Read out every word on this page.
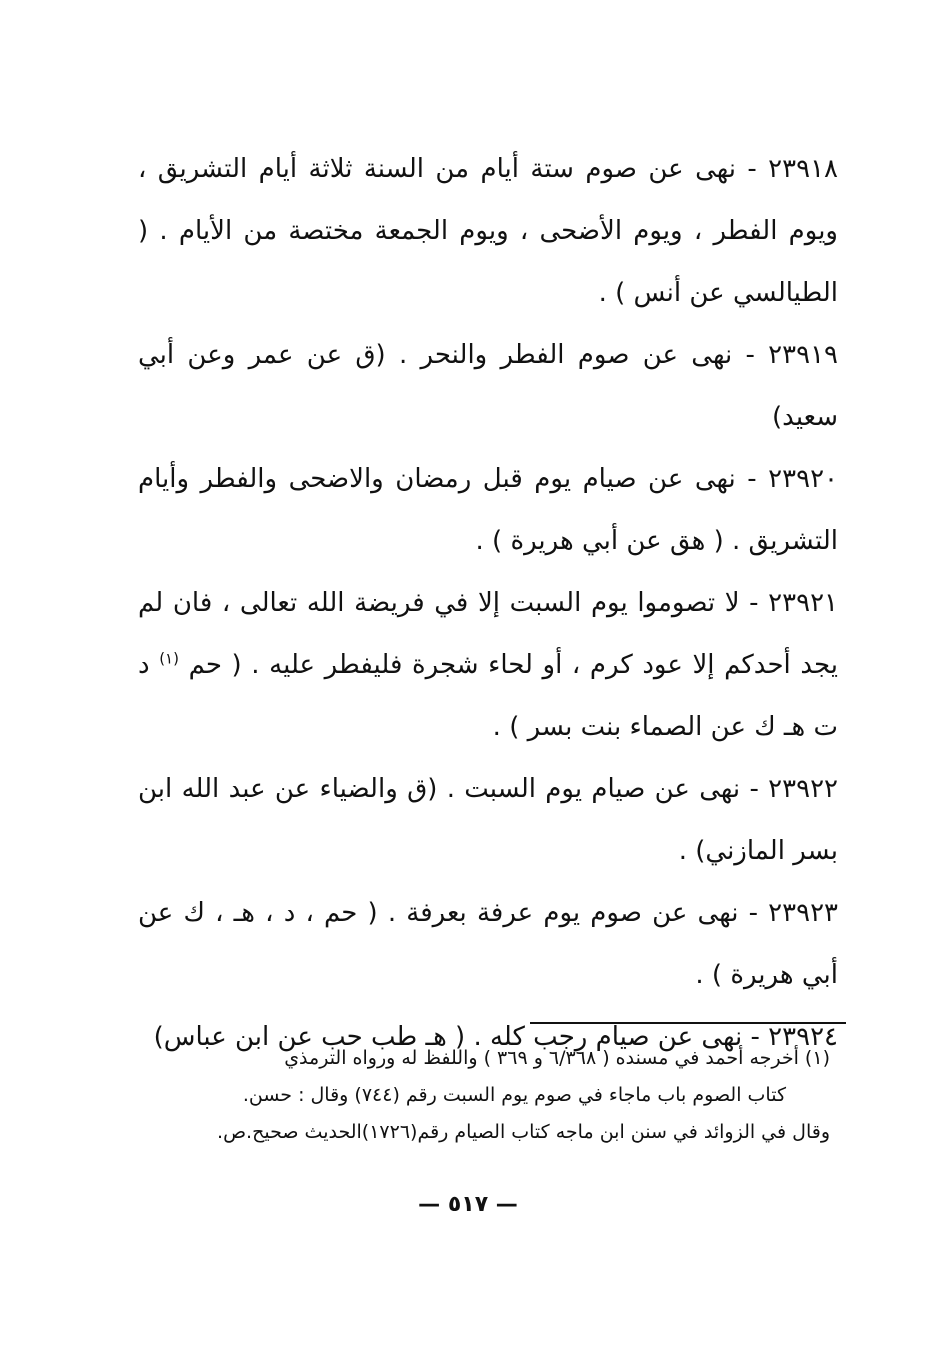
٢٣٩١٨ - نهى عن صوم ستة أيام من السنة ثلاثة أيام التشريق ، ويوم الفطر ، ويوم الأضحى ، ويوم الجمعة مختصة من الأيام . ( الطيالسي عن أنس ) .
٢٣٩١٩ - نهى عن صوم الفطر والنحر . (ق عن عمر وعن أبي سعيد)
٢٣٩٢٠ - نهى عن صيام يوم قبل رمضان والاضحى والفطر وأيام التشريق . ( هق عن أبي هريرة ) .
٢٣٩٢١ - لا تصوموا يوم السبت إلا في فريضة الله تعالى ، فان لم يجد أحدكم إلا عود كرم ، أو لحاء شجرة فليفطر عليه . ( حم $^{(١)}$ د ت هـ ك عن الصماء بنت بسر ) .
٢٣٩٢٢ - نهى عن صيام يوم السبت . (ق والضياء عن عبد الله ابن بسر المازني) .
٢٣٩٢٣ - نهى عن صوم يوم عرفة بعرفة . ( حم ، د ، هـ ، ك عن أبي هريرة ) .
٢٣٩٢٤ - نهى عن صيام رجب كله . ( هـ طب حب عن ابن عباس)
(١) أخرجه أحمد في مسنده ( ٦/٣٦٨ و ٣٦٩ ) واللفظ له ورواه الترمذي
كتاب الصوم باب ماجاء في صوم يوم السبت رقم (٧٤٤) وقال : حسن.
وقال في الزوائد في سنن ابن ماجه كتاب الصيام رقم(١٧٢٦)الحديث صحيح.ص.
— ٥١٧ —
